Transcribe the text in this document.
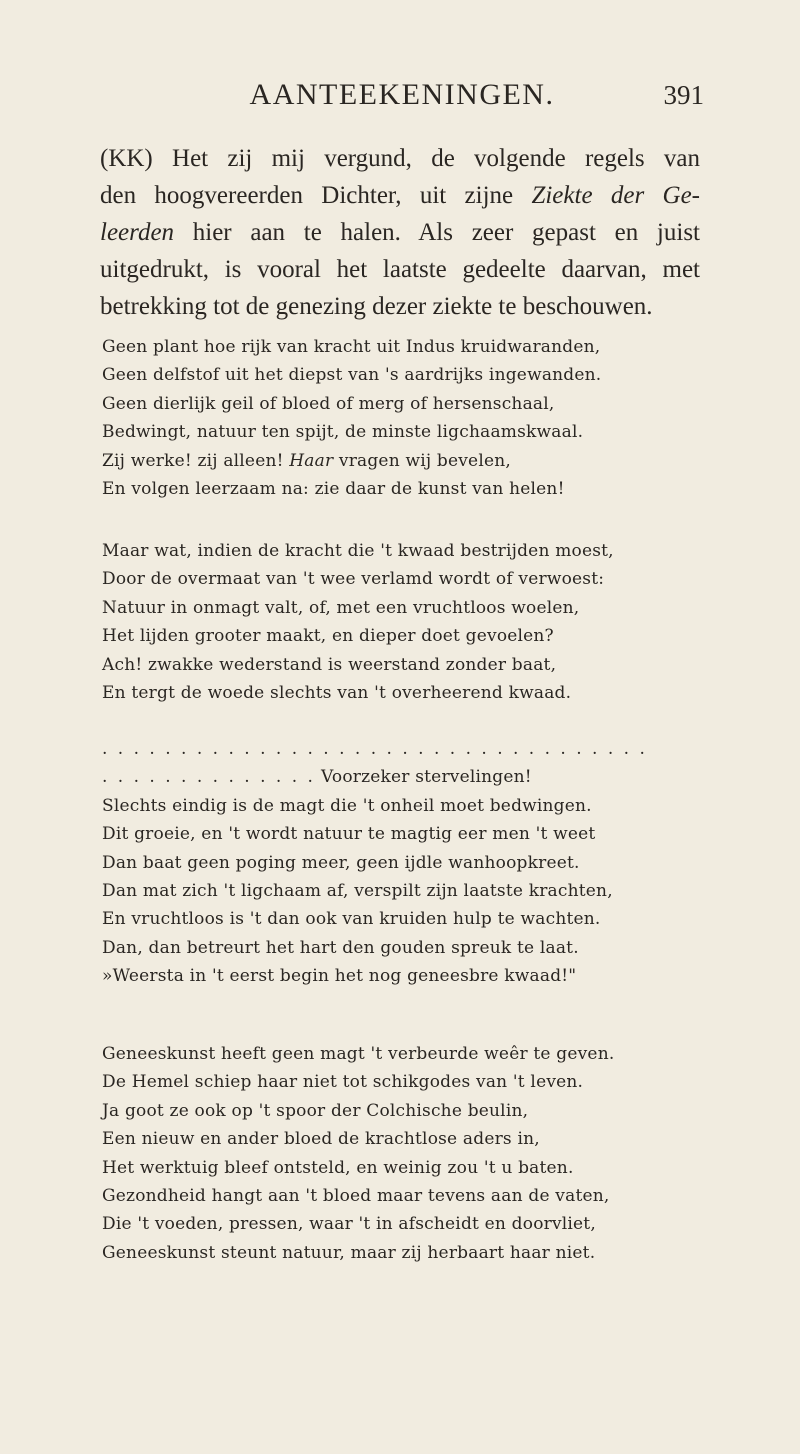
AANTEEKENINGEN.	391
(KK) Het zij mij vergund, de volgende regels van
den hoogvereerden Dichter, uit zijne Ziekte der Ge-
leerden hier aan te halen. Als zeer gepast en juist
uitgedrukt, is vooral het laatste gedeelte daarvan, met
betrekking tot de genezing dezer ziekte te beschouwen.
Geen plant hoe rijk van kracht uit Indus kruidwaranden,
Geen delfstof uit het diepst van 's aardrijks ingewanden.
Geen dierlijk geil of bloed of merg of hersenschaal,
Bedwingt, natuur ten spijt, de minste ligchaamskwaal.
Zij werke! zij alleen! Haar vragen wij bevelen,
En volgen leerzaam na: zie daar de kunst van helen!
Maar wat, indien de kracht die 't kwaad bestrijden moest,
Door de overmaat van 't wee verlamd wordt of verwoest:
Natuur in onmagt valt, of, met een vruchtloos woelen,
Het lijden grooter maakt, en dieper doet gevoelen?
Ach! zwakke wederstand is weerstand zonder baat,
En tergt de woede slechts van 't overheerend kwaad.
. . . . . . . . . . . . . . . . . . . . . . . . . . . . . . . . . . .
. . . . . . . . . . . . . . Voorzeker stervelingen!
Slechts eindig is de magt die 't onheil moet bedwingen.
Dit groeie, en 't wordt natuur te magtig eer men 't weet
Dan baat geen poging meer, geen ijdle wanhoopkreet.
Dan mat zich 't ligchaam af, verspilt zijn laatste krachten,
En vruchtloos is 't dan ook van kruiden hulp te wachten.
Dan, dan betreurt het hart den gouden spreuk te laat.
»Weersta in 't eerst begin het nog geneesbre kwaad!"
Geneeskunst heeft geen magt 't verbeurde weêr te geven.
De Hemel schiep haar niet tot schikgodes van 't leven.
Ja goot ze ook op 't spoor der Colchische beulin,
Een nieuw en ander bloed de krachtlose aders in,
Het werktuig bleef ontsteld, en weinig zou 't u baten.
Gezondheid hangt aan 't bloed maar tevens aan de vaten,
Die 't voeden, pressen, waar 't in afscheidt en doorvliet,
Geneeskunst steunt natuur, maar zij herbaart haar niet.
